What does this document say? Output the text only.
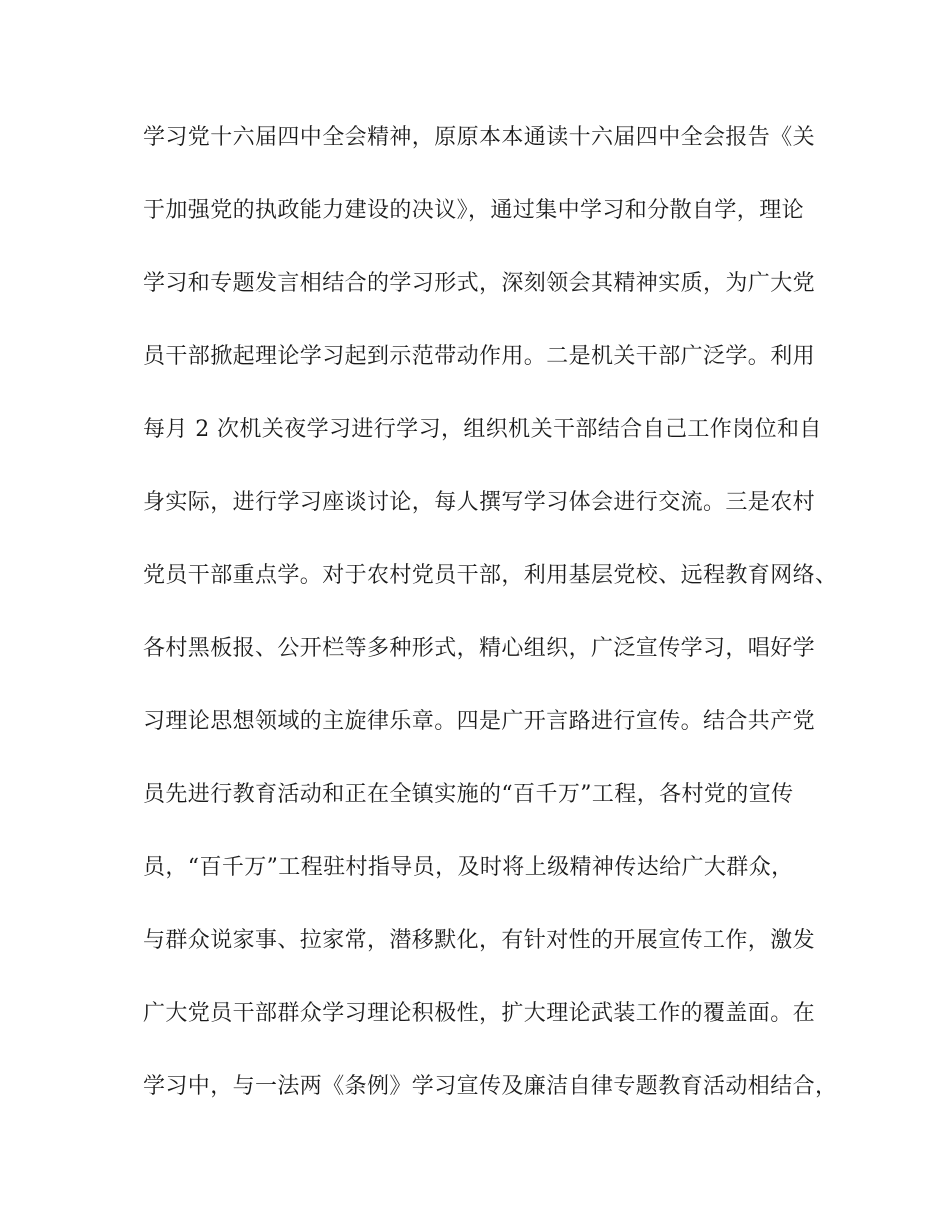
学习党十六届四中全会精神，原原本本通读十六届四中全会报告《关
于加强党的执政能力建设的决议》，通过集中学习和分散自学，理论
学习和专题发言相结合的学习形式，深刻领会其精神实质，为广大党
员干部掀起理论学习起到示范带动作用。二是机关干部广泛学。利用
每月 2 次机关夜学习进行学习，组织机关干部结合自己工作岗位和自
身实际，进行学习座谈讨论，每人撰写学习体会进行交流。三是农村
党员干部重点学。对于农村党员干部，利用基层党校、远程教育网络、
各村黑板报、公开栏等多种形式，精心组织，广泛宣传学习，唱好学
习理论思想领域的主旋律乐章。四是广开言路进行宣传。结合共产党
员先进行教育活动和正在全镇实施的“百千万”工程，各村党的宣传
员，“百千万”工程驻村指导员，及时将上级精神传达给广大群众，
与群众说家事、拉家常，潜移默化，有针对性的开展宣传工作，激发
广大党员干部群众学习理论积极性，扩大理论武装工作的覆盖面。在
学习中，与一法两《条例》学习宣传及廉洁自律专题教育活动相结合，
